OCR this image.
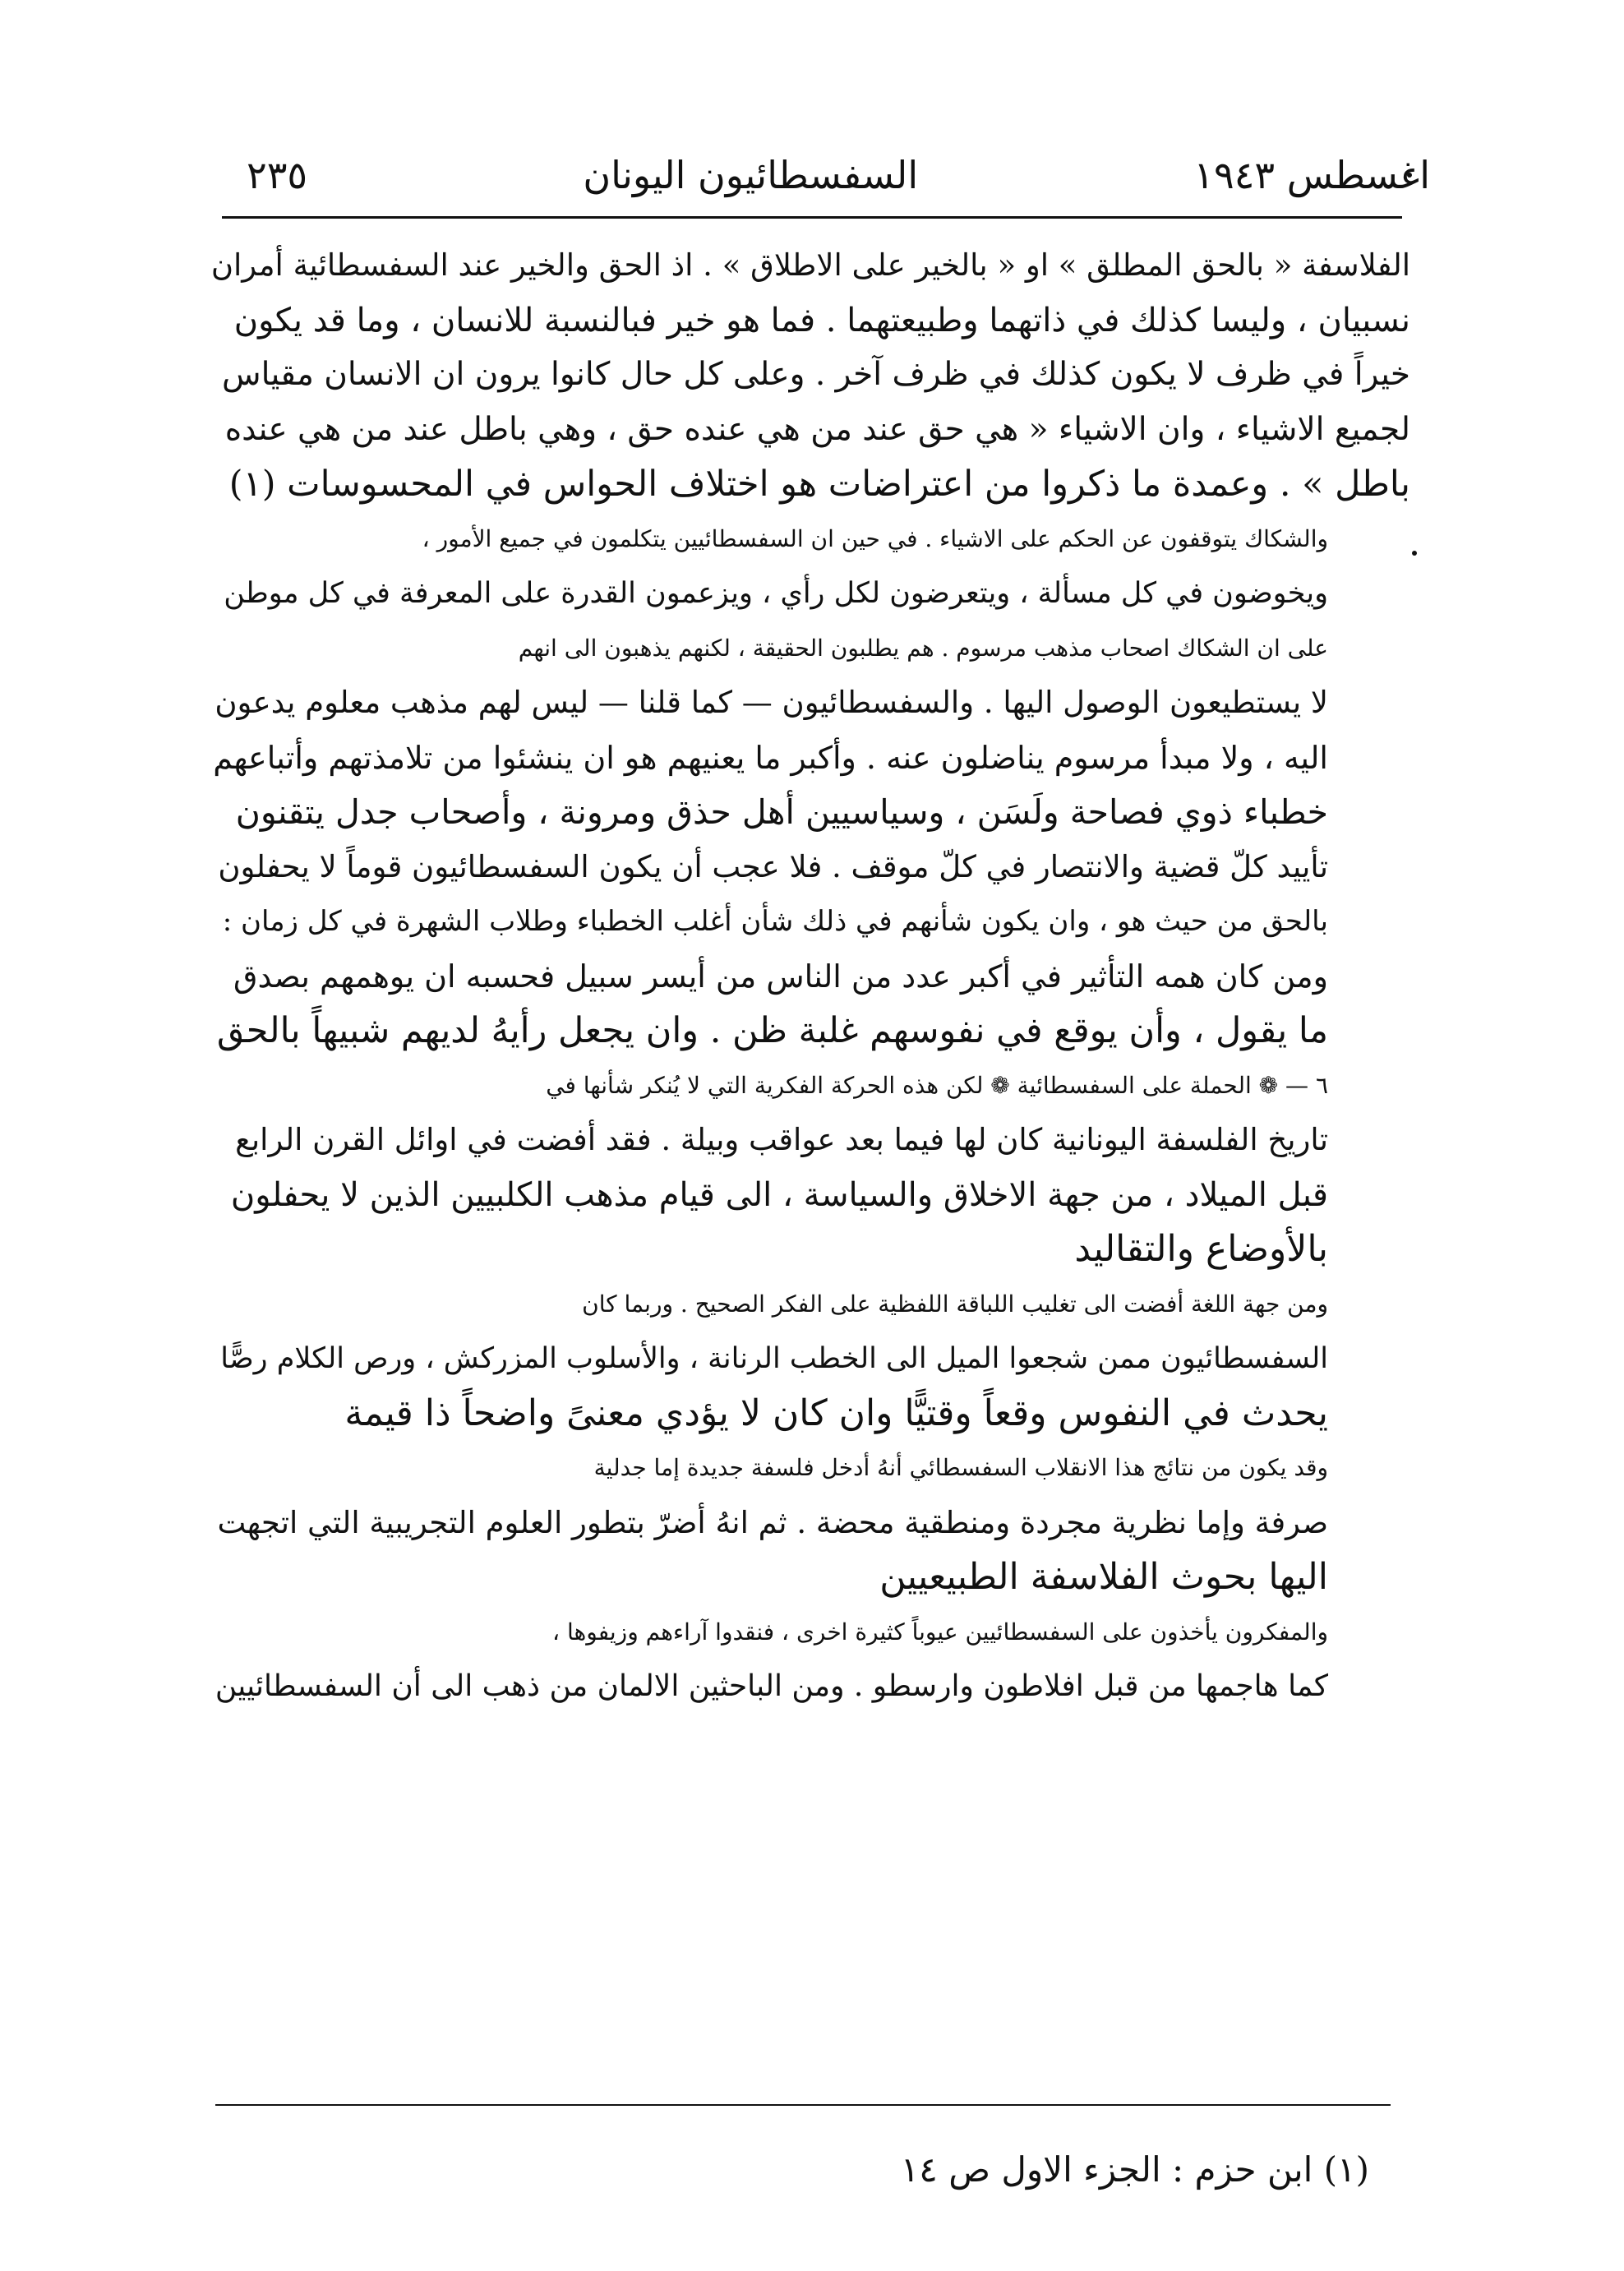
اغسطس ١٩٤٣
السفسطائيون اليونان
٢٣٥
الفلاسفة « بالحق المطلق » او « بالخير على الاطلاق » . اذ الحق والخير عند السفسطائية أمران
نسبيان ، وليسا كذلك في ذاتهما وطبيعتهما . فما هو خير فبالنسبة للانسان ، وما قد يكون
خيراً في ظرف لا يكون كذلك في ظرف آخر . وعلى كل حال كانوا يرون ان الانسان مقياس
لجميع الاشياء ، وان الاشياء « هي حق عند من هي عنده حق ، وهي باطل عند من هي عنده
باطل » . وعمدة ما ذكروا من اعتراضات هو اختلاف الحواس في المحسوسات (١)
والشكاك يتوقفون عن الحكم على الاشياء . في حين ان السفسطائيين يتكلمون في جميع الأمور ،
ويخوضون في كل مسألة ، ويتعرضون لكل رأي ، ويزعمون القدرة على المعرفة في كل موطن
على ان الشكاك اصحاب مذهب مرسوم . هم يطلبون الحقيقة ، لكنهم يذهبون الى انهم
لا يستطيعون الوصول اليها . والسفسطائيون — كما قلنا — ليس لهم مذهب معلوم يدعون
اليه ، ولا مبدأ مرسوم يناضلون عنه . وأكبر ما يعنيهم هو ان ينشئوا من تلامذتهم وأتباعهم
خطباء ذوي فصاحة ولَسَن ، وسياسيين أهل حذق ومرونة ، وأصحاب جدل يتقنون
تأييد كلّ قضية والانتصار في كلّ موقف . فلا عجب أن يكون السفسطائيون قوماً لا يحفلون
بالحق من حيث هو ، وان يكون شأنهم في ذلك شأن أغلب الخطباء وطلاب الشهرة في كل زمان :
ومن كان همه التأثير في أكبر عدد من الناس من أيسر سبيل فحسبه ان يوهمهم بصدق
ما يقول ، وأن يوقع في نفوسهم غلبة ظن . وان يجعل رأيهُ لديهم شبيهاً بالحق
٦ — ❁ الحملة على السفسطائية ❁ لكن هذه الحركة الفكرية التي لا يُنكر شأنها في
تاريخ الفلسفة اليونانية كان لها فيما بعد عواقب وبيلة . فقد أفضت في اوائل القرن الرابع
قبل الميلاد ، من جهة الاخلاق والسياسة ، الى قيام مذهب الكلبيين الذين لا يحفلون
بالأوضاع والتقاليد
ومن جهة اللغة أفضت الى تغليب اللباقة اللفظية على الفكر الصحيح . وربما كان
السفسطائيون ممن شجعوا الميل الى الخطب الرنانة ، والأسلوب المزركش ، ورص الكلام رصًّا
يحدث في النفوس وقعاً وقتيًّا وان كان لا يؤدي معنىً واضحاً ذا قيمة
وقد يكون من نتائج هذا الانقلاب السفسطائي أنهُ أدخل فلسفة جديدة إما جدلية
صرفة وإما نظرية مجردة ومنطقية محضة . ثم انهُ أضرّ بتطور العلوم التجريبية التي اتجهت
اليها بحوث الفلاسفة الطبيعيين
والمفكرون يأخذون على السفسطائيين عيوباً كثيرة اخرى ، فنقدوا آراءهم وزيفوها ،
كما هاجمها من قبل افلاطون وارسطو . ومن الباحثين الالمان من ذهب الى أن السفسطائيين
(١) ابن حزم : الجزء الاول ص ١٤
